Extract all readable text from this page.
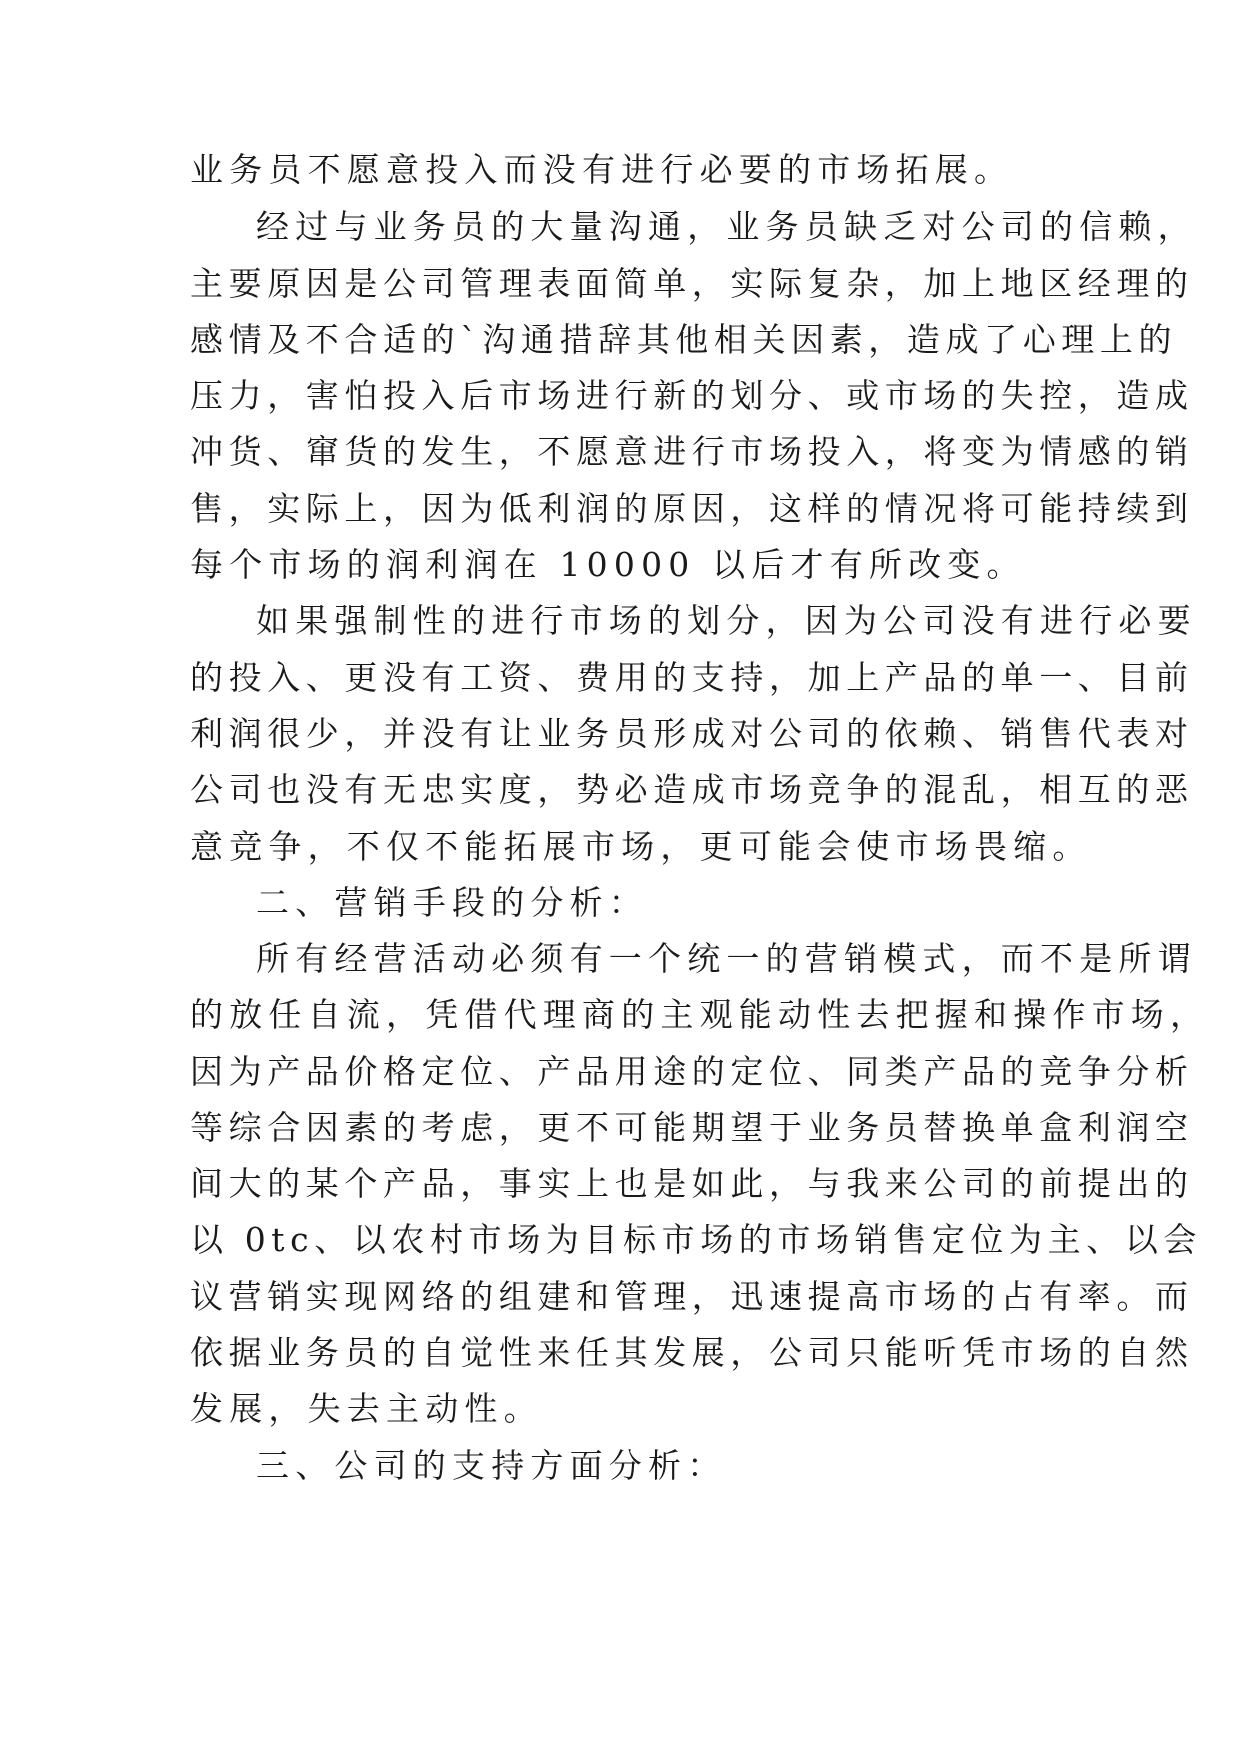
业务员不愿意投入而没有进行必要的市场拓展。

经过与业务员的大量沟通，业务员缺乏对公司的信赖，

主要原因是公司管理表面简单，实际复杂，加上地区经理的

感情及不合适的`沟通措辞其他相关因素，造成了心理上的

压力，害怕投入后市场进行新的划分、或市场的失控，造成

冲货、窜货的发生，不愿意进行市场投入，将变为情感的销

售，实际上，因为低利润的原因，这样的情况将可能持续到

每个市场的润利润在 10000 以后才有所改变。

如果强制性的进行市场的划分，因为公司没有进行必要

的投入、更没有工资、费用的支持，加上产品的单一、目前

利润很少，并没有让业务员形成对公司的依赖、销售代表对

公司也没有无忠实度，势必造成市场竞争的混乱，相互的恶

意竞争，不仅不能拓展市场，更可能会使市场畏缩。

二、营销手段的分析：

所有经营活动必须有一个统一的营销模式，而不是所谓

的放任自流，凭借代理商的主观能动性去把握和操作市场，

因为产品价格定位、产品用途的定位、同类产品的竞争分析

等综合因素的考虑，更不可能期望于业务员替换单盒利润空

间大的某个产品，事实上也是如此，与我来公司的前提出的

以 0tc、以农村市场为目标市场的市场销售定位为主、以会

议营销实现网络的组建和管理，迅速提高市场的占有率。而

依据业务员的自觉性来任其发展，公司只能听凭市场的自然

发展，失去主动性。

三、公司的支持方面分析：
